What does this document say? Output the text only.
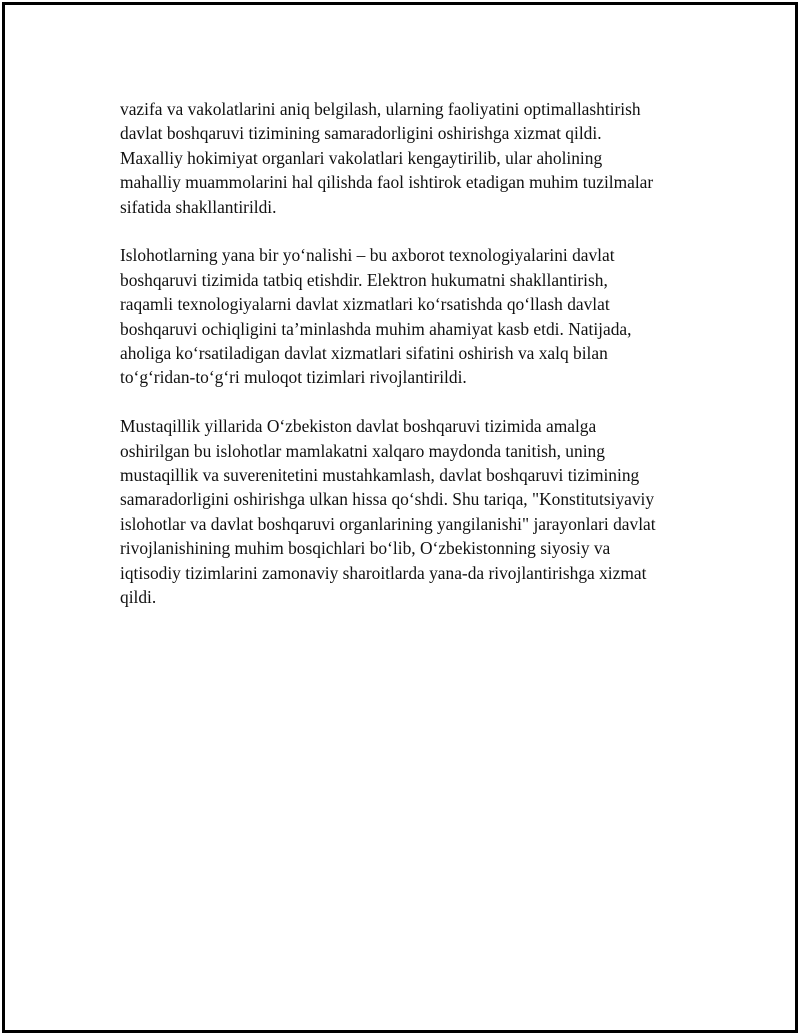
vazifa va vakolatlarini aniq belgilash, ularning faoliyatini optimallashtirish
davlat boshqaruvi tizimining samaradorligini oshirishga xizmat qildi.
Maxalliy hokimiyat organlari vakolatlari kengaytirilib, ular aholining
mahalliy muammolarini hal qilishda faol ishtirok etadigan muhim tuzilmalar
sifatida shakllantirildi.

Islohotlarning yana bir yo‘nalishi – bu axborot texnologiyalarini davlat
boshqaruvi tizimida tatbiq etishdir. Elektron hukumatni shakllantirish,
raqamli texnologiyalarni davlat xizmatlari ko‘rsatishda qo‘llash davlat
boshqaruvi ochiqligini ta’minlashda muhim ahamiyat kasb etdi. Natijada,
aholiga ko‘rsatiladigan davlat xizmatlari sifatini oshirish va xalq bilan
to‘g‘ridan-to‘g‘ri muloqot tizimlari rivojlantirildi.

Mustaqillik yillarida O‘zbekiston davlat boshqaruvi tizimida amalga
oshirilgan bu islohotlar mamlakatni xalqaro maydonda tanitish, uning
mustaqillik va suverenitetini mustahkamlash, davlat boshqaruvi tizimining
samaradorligini oshirishga ulkan hissa qo‘shdi. Shu tariqa, "Konstitutsiyaviy
islohotlar va davlat boshqaruvi organlarining yangilanishi" jarayonlari davlat
rivojlanishining muhim bosqichlari bo‘lib, O‘zbekistonning siyosiy va
iqtisodiy tizimlarini zamonaviy sharoitlarda yana-da rivojlantirishga xizmat
qildi.
